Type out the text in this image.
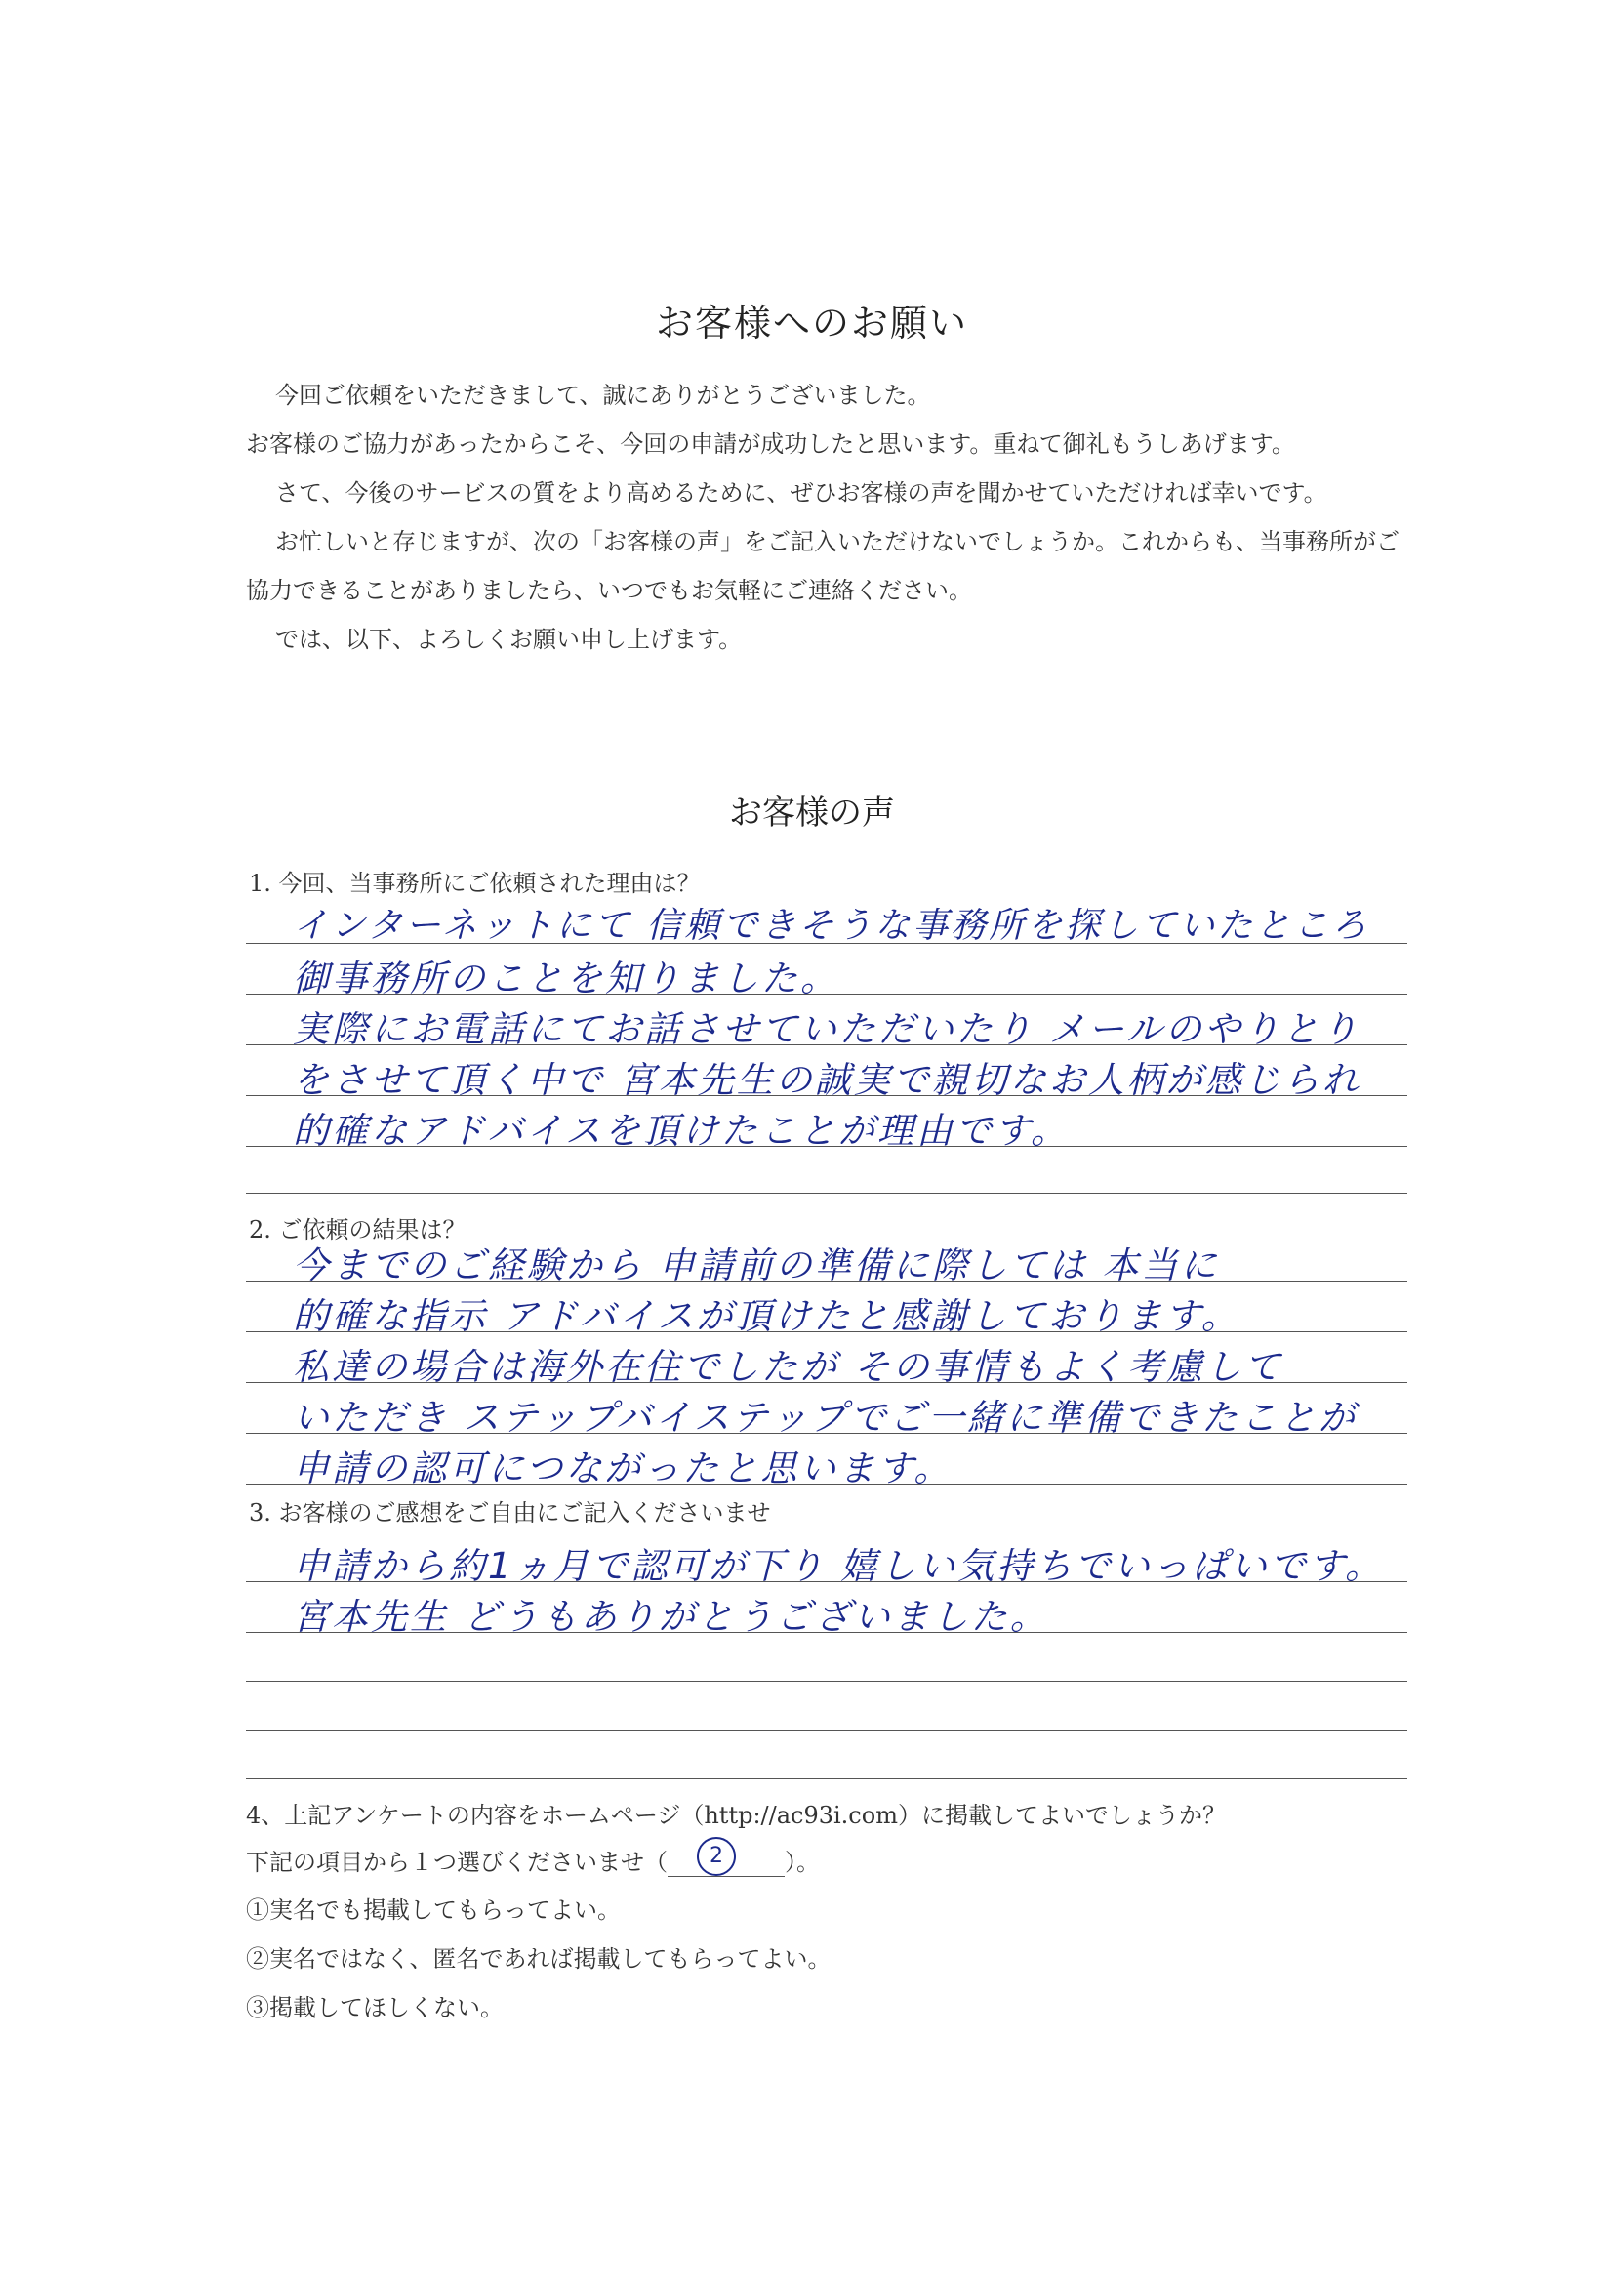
お客様へのお願い

今回ご依頼をいただきまして、誠にありがとうございました。

お客様のご協力があったからこそ、今回の申請が成功したと思います。重ねて御礼もうしあげます。

さて、今後のサービスの質をより高めるために、ぜひお客様の声を聞かせていただければ幸いです。

お忙しいと存じますが、次の「お客様の声」をご記入いただけないでしょうか。これからも、当事務所がご協力できることがありましたら、いつでもお気軽にご連絡ください。

では、以下、よろしくお願い申し上げます。

お客様の声
1. 今回、当事務所にご依頼された理由は？
インターネットにて 信頼できそうな事務所を探していたところ
御事務所のことを知りました。
実際にお電話にてお話させていただいたり メールのやりとり
をさせて頂く中で 宮本先生の誠実で親切なお人柄が感じられ
的確なアドバイスを頂けたことが理由です。
2. ご依頼の結果は？
今までのご経験から 申請前の準備に際しては 本当に
的確な指示 アドバイスが頂けたと感謝しております。
私達の場合は海外在住でしたが その事情もよく考慮して
いただき ステップバイステップでご一緒に準備できたことが
申請の認可につながったと思います。
3. お客様のご感想をご自由にご記入くださいませ
申請から約1ヵ月で認可が下り 嬉しい気持ちでいっぱいです。
宮本先生 どうもありがとうございました。
4、上記アンケートの内容をホームページ（http://ac93i.com）に掲載してよいでしょうか？
下記の項目から１つ選びくださいませ（	2	）。
①実名でも掲載してもらってよい。
②実名ではなく、匿名であれば掲載してもらってよい。
③掲載してほしくない。
